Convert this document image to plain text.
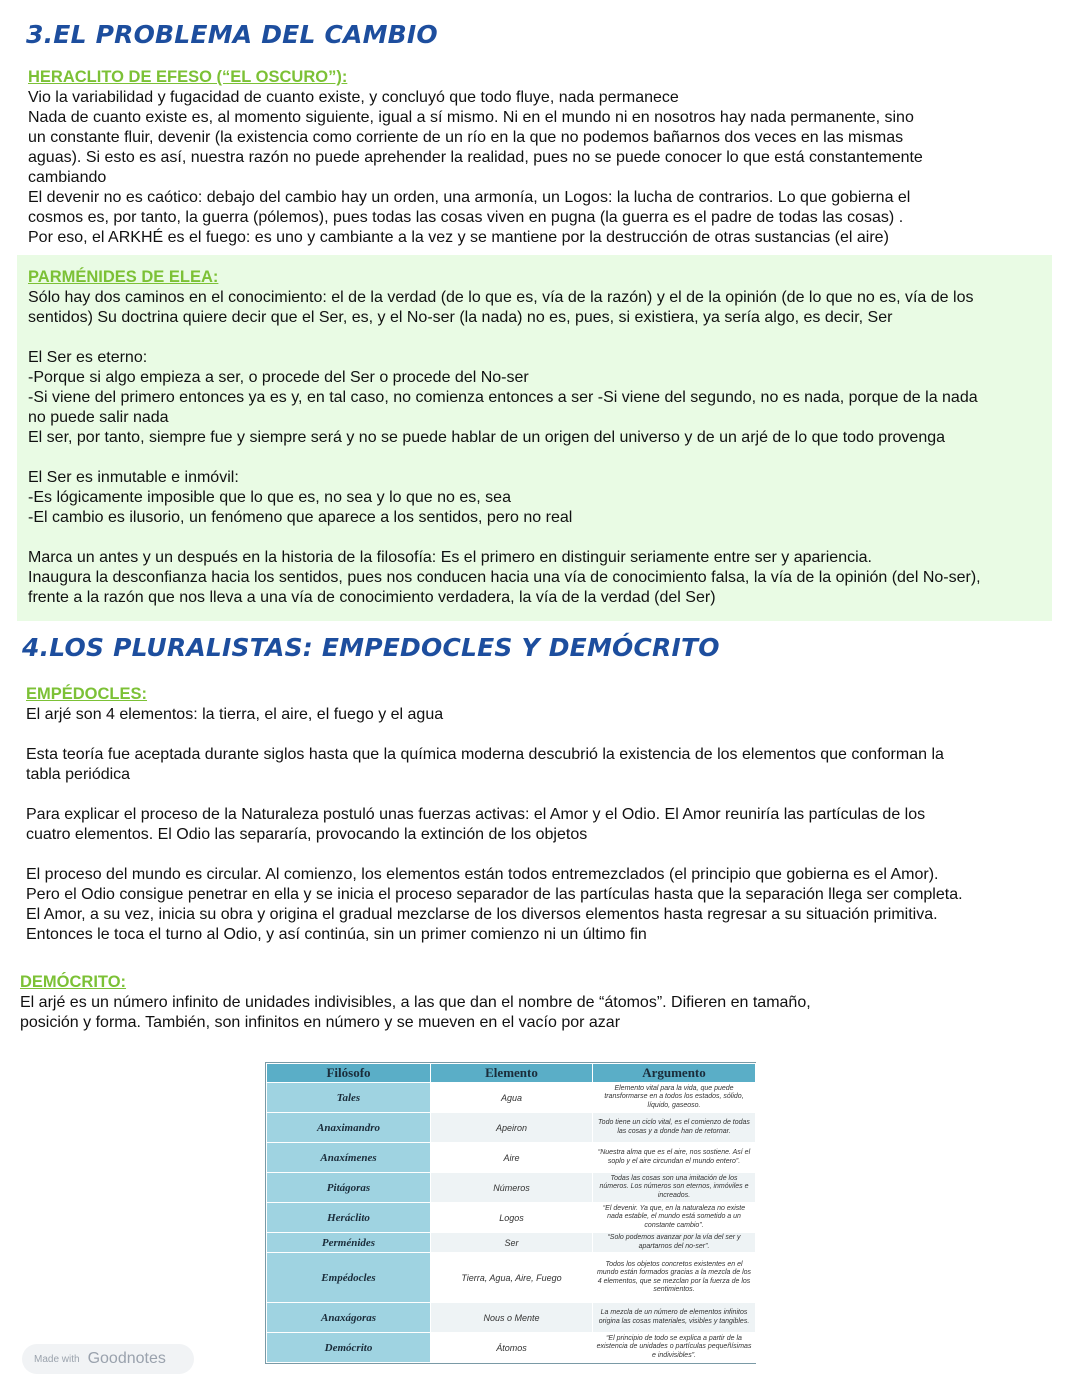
3.EL PROBLEMA DEL CAMBIO
HERACLITO DE EFESO (“EL OSCURO”):

Vio la variabilidad y fugacidad de cuanto existe, y concluyó que todo fluye, nada permanece

Nada de cuanto existe es, al momento siguiente, igual a sí mismo. Ni en el mundo ni en nosotros hay nada permanente, sino

un constante fluir, devenir (la existencia como corriente de un río en la que no podemos bañarnos dos veces en las mismas

aguas). Si esto es así, nuestra razón no puede aprehender la realidad, pues no se puede conocer lo que está constantemente

cambiando

El devenir no es caótico: debajo del cambio hay un orden, una armonía, un Logos: la lucha de contrarios. Lo que gobierna el

cosmos es, por tanto, la guerra (pólemos), pues todas las cosas viven en pugna (la guerra es el padre de todas las cosas) .

Por eso, el ARKHÉ es el fuego: es uno y cambiante a la vez y se mantiene por la destrucción de otras sustancias (el aire)

PARMÉNIDES DE ELEA:

Sólo hay dos caminos en el conocimiento: el de la verdad (de lo que es, vía de la razón) y el de la opinión (de lo que no es, vía de los

sentidos) Su doctrina quiere decir que el Ser, es, y el No-ser (la nada) no es, pues, si existiera, ya sería algo, es decir, Ser

El Ser es eterno:

-Porque si algo empieza a ser, o procede del Ser o procede del No-ser

-Si viene del primero entonces ya es y, en tal caso, no comienza entonces a ser -Si viene del segundo, no es nada, porque de la nada

no puede salir nada

El ser, por tanto, siempre fue y siempre será y no se puede hablar de un origen del universo y de un arjé de lo que todo provenga

El Ser es inmutable e inmóvil:

-Es lógicamente imposible que lo que es, no sea y lo que no es, sea

-El cambio es ilusorio, un fenómeno que aparece a los sentidos, pero no real

Marca un antes y un después en la historia de la filosofía: Es el primero en distinguir seriamente entre ser y apariencia.

Inaugura la desconfianza hacia los sentidos, pues nos conducen hacia una vía de conocimiento falsa, la vía de la opinión (del No-ser),

frente a la razón que nos lleva a una vía de conocimiento verdadera, la vía de la verdad (del Ser)

4.LOS PLURALISTAS: EMPEDOCLES Y DEMÓCRITO
EMPÉDOCLES:

El arjé son 4 elementos: la tierra, el aire, el fuego y el agua

Esta teoría fue aceptada durante siglos hasta que la química moderna descubrió la existencia de los elementos que conforman la

tabla periódica

Para explicar el proceso de la Naturaleza postuló unas fuerzas activas: el Amor y el Odio. El Amor reuniría las partículas de los

cuatro elementos. El Odio las separaría, provocando la extinción de los objetos

El proceso del mundo es circular. Al comienzo, los elementos están todos entremezclados (el principio que gobierna es el Amor).

Pero el Odio consigue penetrar en ella y se inicia el proceso separador de las partículas hasta que la separación llega ser completa.

El Amor, a su vez, inicia su obra y origina el gradual mezclarse de los diversos elementos hasta regresar a su situación primitiva.

Entonces le toca el turno al Odio, y así continúa, sin un primer comienzo ni un último fin

DEMÓCRITO:

El arjé es un número infinito de unidades indivisibles, a las que dan el nombre de “átomos”. Difieren en tamaño,

posición y forma. También, son infinitos en número y se mueven en el vacío por azar

Filósofo	Elemento	Argumento
Tales	Agua	Elemento vital para la vida, que puede transformarse en a todos los estados, sólido, líquido, gaseoso.
Anaximandro	Apeiron	Todo tiene un ciclo vital, es el comienzo de todas las cosas y a donde han de retornar.
Anaxímenes	Aire	“Nuestra alma que es el aire, nos sostiene. Así el soplo y el aire circundan el mundo entero”.
Pitágoras	Números	Todas las cosas son una imitación de los números. Los números son eternos, inmóviles e increados.
Heráclito	Logos	“El devenir. Ya que, en la naturaleza no existe nada estable, el mundo está sometido a un constante cambio”.
Perménides	Ser	“Solo podemos avanzar por la vía del ser y apartarnos del no-ser”.
Empédocles	Tierra, Agua, Aire, Fuego	Todos los objetos concretos existentes en el mundo están formados gracias a la mezcla de los 4 elementos, que se mezclan por la fuerza de los sentimientos.
Anaxágoras	Nous o Mente	La mezcla de un número de elementos infinitos origina las cosas materiales, visibles y tangibles.
Demócrito	Átomos	“El principio de todo se explica a partir de la existencia de unidades o partículas pequeñísimas e indivisibles”.
Made with Goodnotes
